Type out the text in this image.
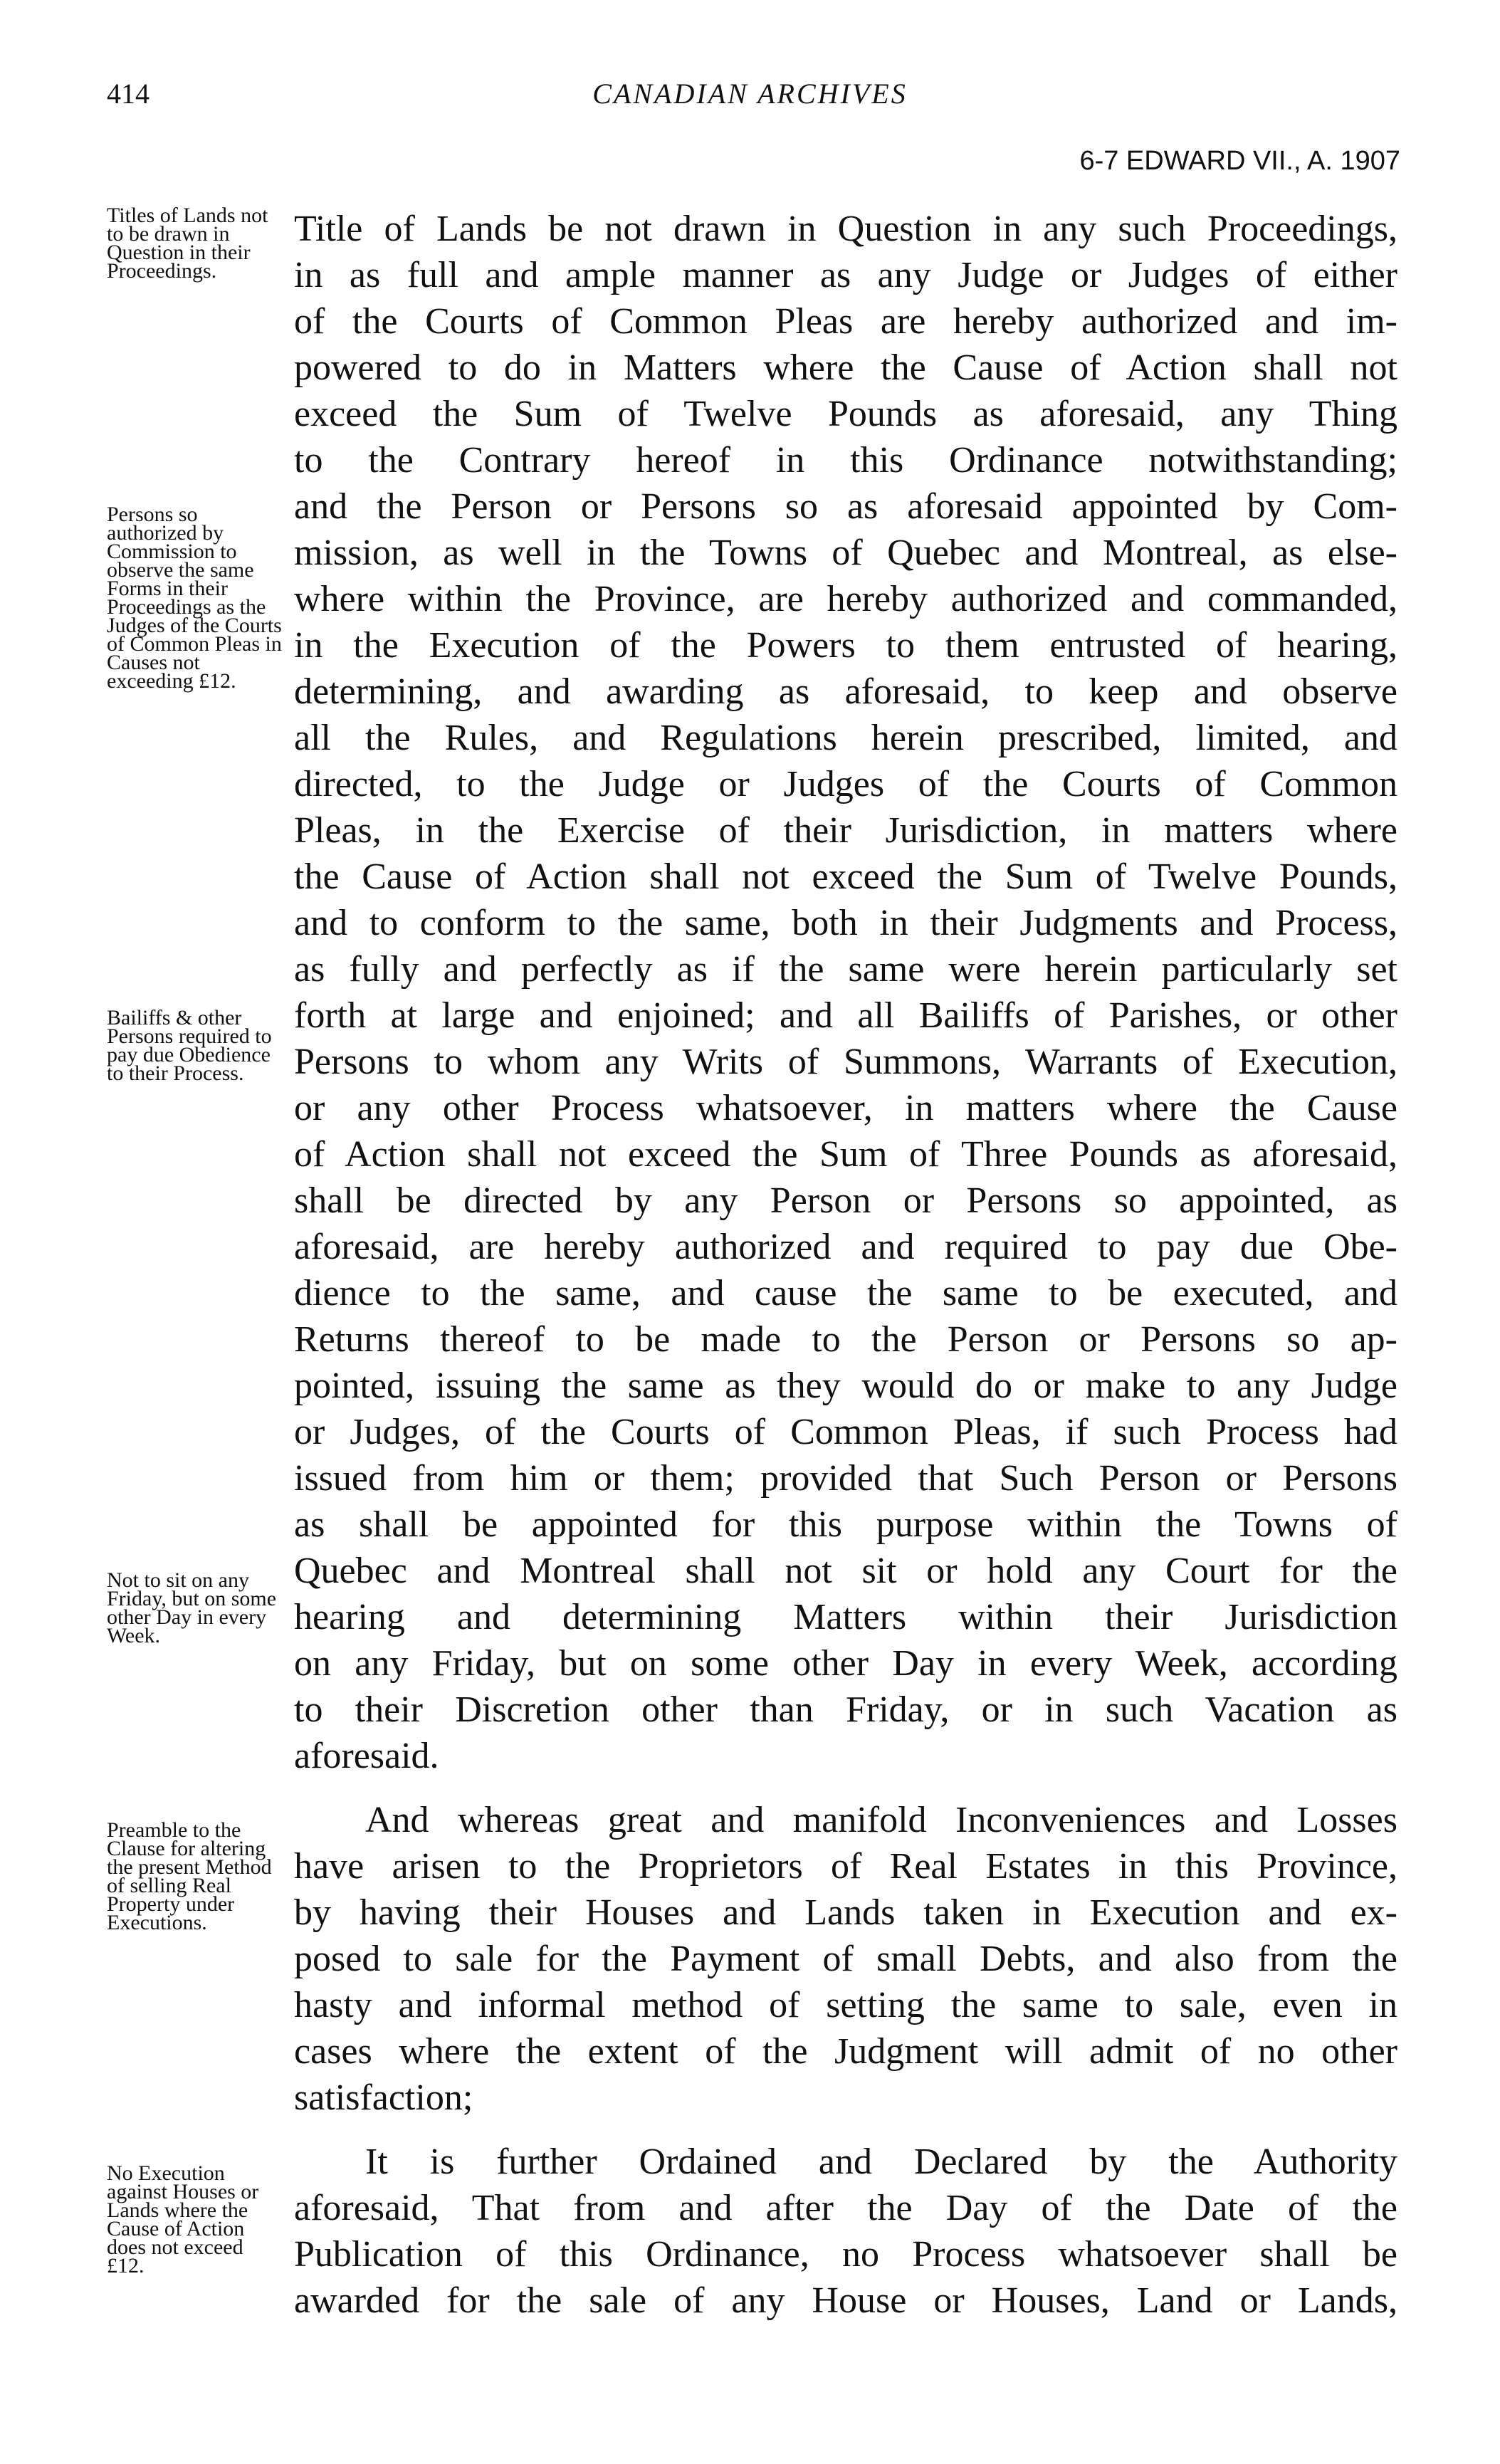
414	CANADIAN ARCHIVES
6-7 EDWARD VII., A. 1907
Titles of Lands not to be drawn in Question in their Proceedings.
Persons so authorized by Commission to observe the same Forms in their Proceedings as the Judges of the Courts of Common Pleas in Causes not exceeding £12.
Bailiffs & other Persons required to pay due Obedience to their Process.
Not to sit on any Friday, but on some other Day in every Week.
Preamble to the Clause for altering the present Method of selling Real Property under Executions.
No Execution against Houses or Lands where the Cause of Action does not exceed £12.
Title of Lands be not drawn in Question in any such Proceedings,
in as full and ample manner as any Judge or Judges of either
of the Courts of Common Pleas are hereby authorized and im-
powered to do in Matters where the Cause of Action shall not
exceed the Sum of Twelve Pounds as aforesaid, any Thing
to the Contrary hereof in this Ordinance notwithstanding;
and the Person or Persons so as aforesaid appointed by Com-
mission, as well in the Towns of Quebec and Montreal, as else-
where within the Province, are hereby authorized and commanded,
in the Execution of the Powers to them entrusted of hearing,
determining, and awarding as aforesaid, to keep and observe
all the Rules, and Regulations herein prescribed, limited, and
directed, to the Judge or Judges of the Courts of Common
Pleas, in the Exercise of their Jurisdiction, in matters where
the Cause of Action shall not exceed the Sum of Twelve Pounds,
and to conform to the same, both in their Judgments and Process,
as fully and perfectly as if the same were herein particularly set
forth at large and enjoined; and all Bailiffs of Parishes, or other
Persons to whom any Writs of Summons, Warrants of Execution,
or any other Process whatsoever, in matters where the Cause
of Action shall not exceed the Sum of Three Pounds as aforesaid,
shall be directed by any Person or Persons so appointed, as
aforesaid, are hereby authorized and required to pay due Obe-
dience to the same, and cause the same to be executed, and
Returns thereof to be made to the Person or Persons so ap-
pointed, issuing the same as they would do or make to any Judge
or Judges, of the Courts of Common Pleas, if such Process had
issued from him or them; provided that Such Person or Persons
as shall be appointed for this purpose within the Towns of
Quebec and Montreal shall not sit or hold any Court for the
hearing and determining Matters within their Jurisdiction
on any Friday, but on some other Day in every Week, according
to their Discretion other than Friday, or in such Vacation as
aforesaid.
And whereas great and manifold Inconveniences and Losses
have arisen to the Proprietors of Real Estates in this Province,
by having their Houses and Lands taken in Execution and ex-
posed to sale for the Payment of small Debts, and also from the
hasty and informal method of setting the same to sale, even in
cases where the extent of the Judgment will admit of no other
satisfaction;
It is further Ordained and Declared by the Authority
aforesaid, That from and after the Day of the Date of the
Publication of this Ordinance, no Process whatsoever shall be
awarded for the sale of any House or Houses, Land or Lands,
